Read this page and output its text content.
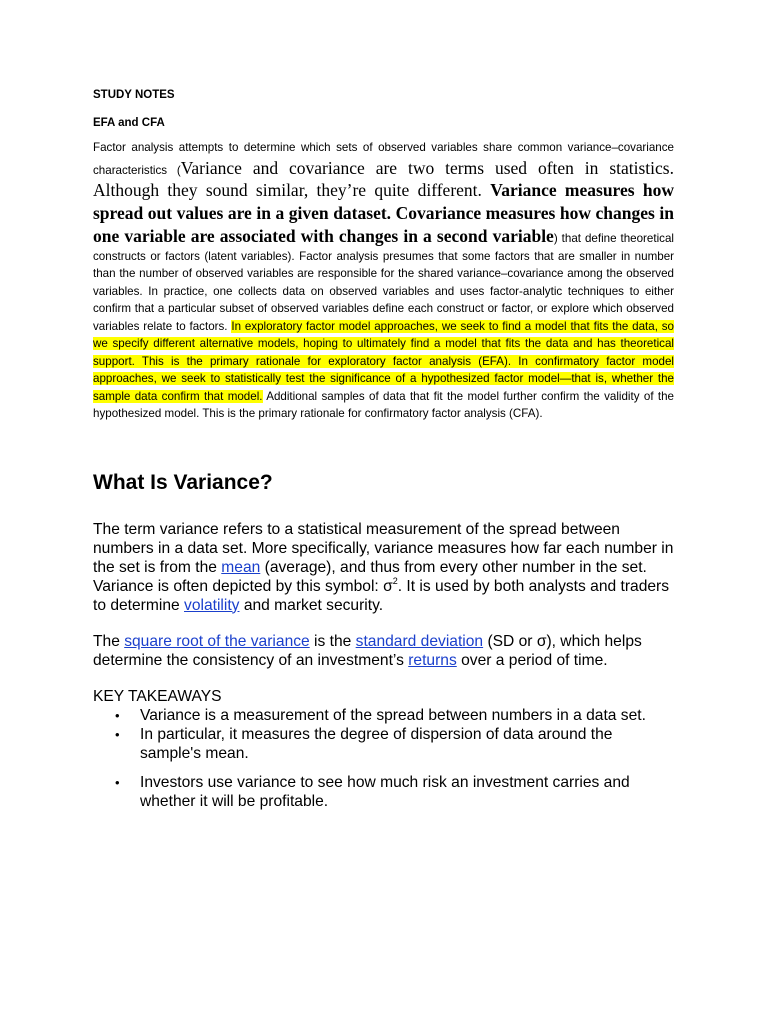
STUDY NOTES

EFA and CFA

Factor analysis attempts to determine which sets of observed variables share common variance–covariance characteristics (Variance and covariance are two terms used often in statistics. Although they sound similar, they’re quite different. Variance measures how spread out values are in a given dataset. Covariance measures how changes in one variable are associated with changes in a second variable) that define theoretical constructs or factors (latent variables). Factor analysis presumes that some factors that are smaller in number than the number of observed variables are responsible for the shared variance–covariance among the observed variables. In practice, one collects data on observed variables and uses factor-analytic techniques to either confirm that a particular subset of observed variables define each construct or factor, or explore which observed variables relate to factors. In exploratory factor model approaches, we seek to find a model that fits the data, so we specify different alternative models, hoping to ultimately find a model that fits the data and has theoretical support. This is the primary rationale for exploratory factor analysis (EFA). In confirmatory factor model approaches, we seek to statistically test the significance of a hypothesized factor model—that is, whether the sample data confirm that model. Additional samples of data that fit the model further confirm the validity of the hypothesized model. This is the primary rationale for confirmatory factor analysis (CFA).

What Is Variance?

The term variance refers to a statistical measurement of the spread between numbers in a data set. More specifically, variance measures how far each number in the set is from the mean (average), and thus from every other number in the set. Variance is often depicted by this symbol: $\sigma^2$. It is used by both analysts and traders to determine volatility and market security.

The square root of the variance is the standard deviation (SD or σ), which helps determine the consistency of an investment’s returns over a period of time.

KEY TAKEAWAYS

• Variance is a measurement of the spread between numbers in a data set.
• In particular, it measures the degree of dispersion of data around the sample's mean.
• Investors use variance to see how much risk an investment carries and whether it will be profitable.
